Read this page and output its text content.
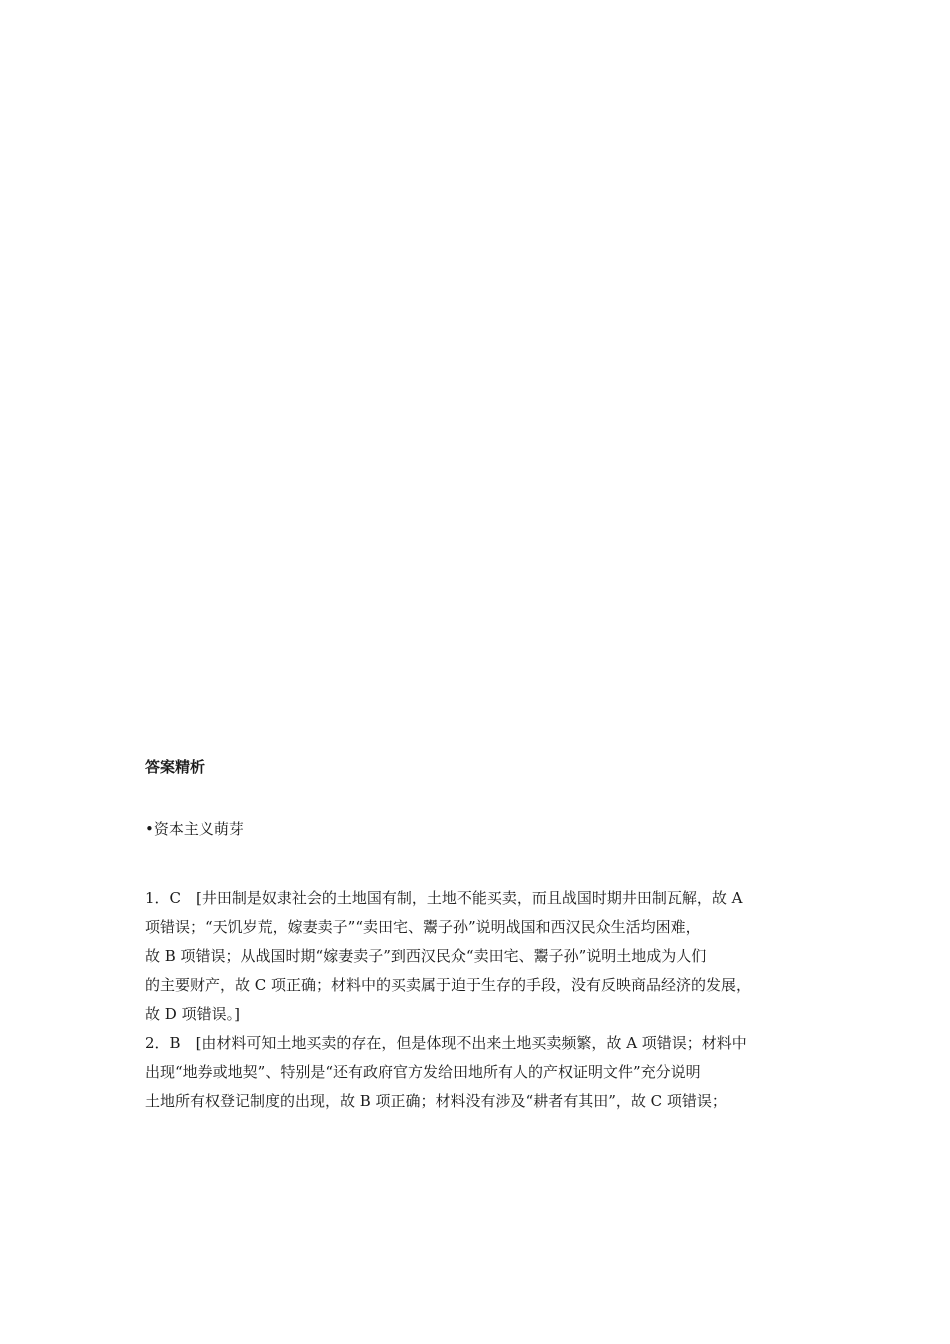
答案精析
•资本主义萌芽
1．C　[井田制是奴隶社会的土地国有制，土地不能买卖，而且战国时期井田制瓦解，故 A
项错误；“天饥岁荒，嫁妻卖子”“卖田宅、鬻子孙”说明战国和西汉民众生活均困难，
故 B 项错误；从战国时期“嫁妻卖子”到西汉民众“卖田宅、鬻子孙”说明土地成为人们
的主要财产，故 C 项正确；材料中的买卖属于迫于生存的手段，没有反映商品经济的发展，
故 D 项错误。]
2．B　[由材料可知土地买卖的存在，但是体现不出来土地买卖频繁，故 A 项错误；材料中
出现“地券或地契”、特别是“还有政府官方发给田地所有人的产权证明文件”充分说明
土地所有权登记制度的出现，故 B 项正确；材料没有涉及“耕者有其田”，故 C 项错误；
